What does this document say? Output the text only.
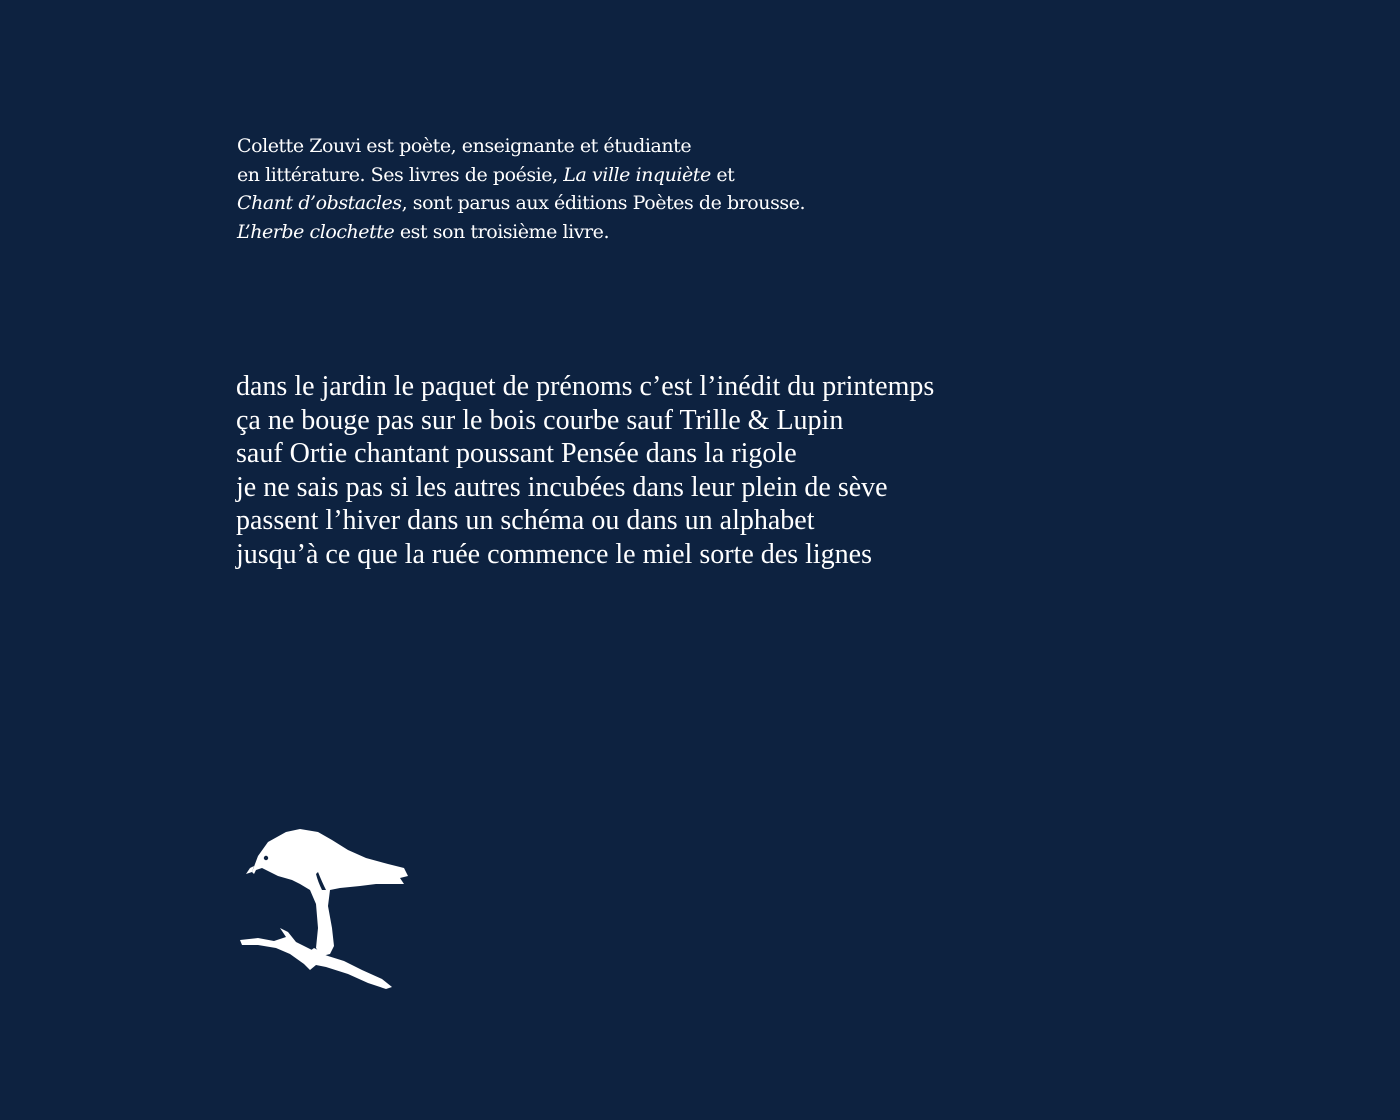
Colette Zouvi est poète, enseignante et étudiante
en littérature. Ses livres de poésie, La ville inquiète et
Chant d’obstacles, sont parus aux éditions Poètes de brousse.
L’herbe clochette est son troisième livre.
dans le jardin le paquet de prénoms c’est l’inédit du printemps
ça ne bouge pas sur le bois courbe sauf Trille & Lupin
sauf Ortie chantant poussant Pensée dans la rigole
je ne sais pas si les autres incubées dans leur plein de sève
passent l’hiver dans un schéma ou dans un alphabet
jusqu’à ce que la ruée commence le miel sorte des lignes
